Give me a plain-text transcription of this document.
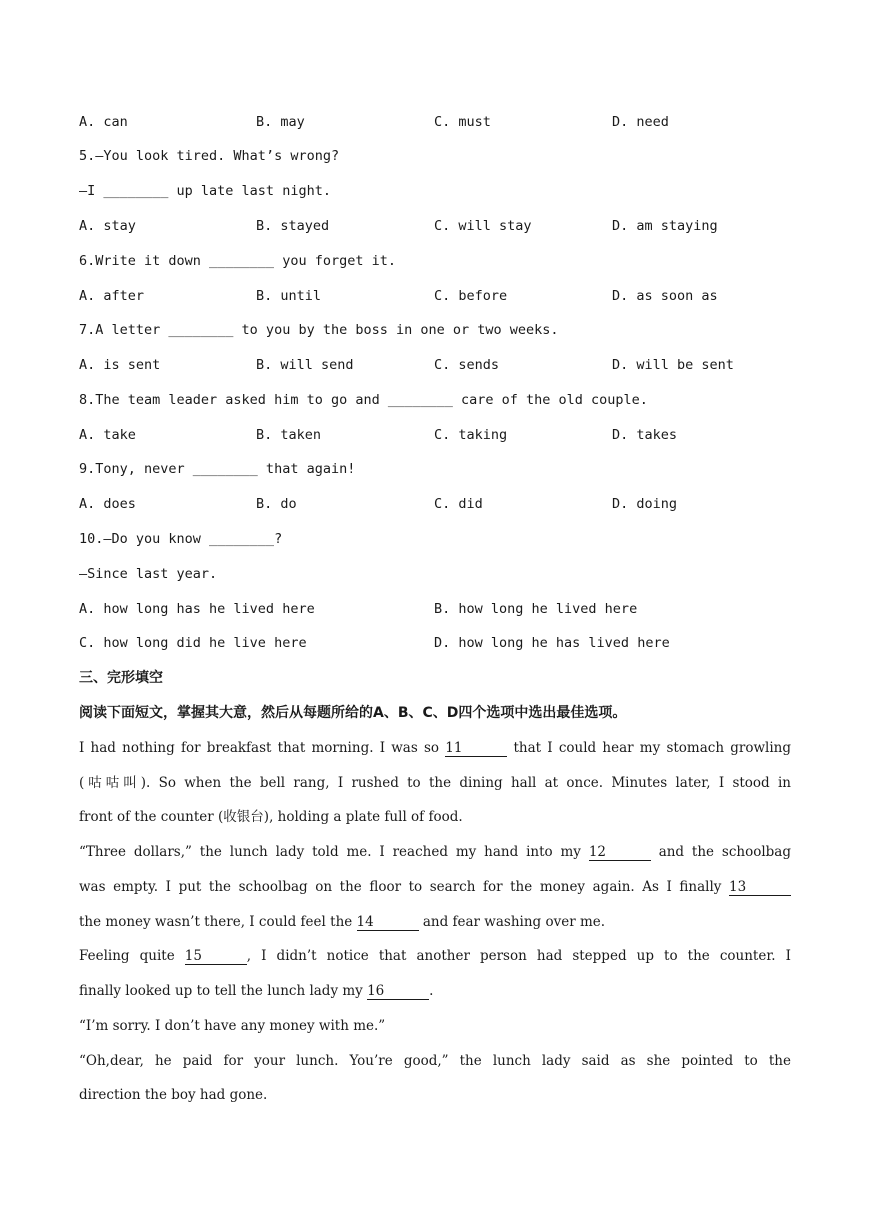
A. can	B. may	C. must	D. need
5.—You look tired. What’s wrong?
—I ________ up late last night.
A. stay	B. stayed	C. will stay	D. am staying
6.Write it down ________ you forget it.
A. after	B. until	C. before	D. as soon as
7.A letter ________ to you by the boss in one or two weeks.
A. is sent	B. will send	C. sends	D. will be sent
8.The team leader asked him to go and ________ care of the old couple.
A. take	B. taken	C. taking	D. takes
9.Tony, never ________ that again!
A. does	B. do	C. did	D. doing
10.—Do you know ________?
—Since last year.
A. how long has he lived here	B. how long he lived here
C. how long did he live here	D. how long he has lived here
三、完形填空
阅读下面短文，掌握其大意，然后从每题所给的A、B、C、D四个选项中选出最佳选项。
I had nothing for breakfast that morning. I was so 11	that I could hear my stomach growling
(咕咕叫). So when the bell rang, I rushed to the dining hall at once. Minutes later, I stood in
front of the counter (收银台), holding a plate full of food.
“Three dollars,” the lunch lady told me. I reached my hand into my 12	and the schoolbag
was empty. I put the schoolbag on the floor to search for the money again. As I finally 13
the money wasn’t there, I could feel the 14	and fear washing over me.
Feeling quite 15	, I didn’t notice that another person had stepped up to the counter. I
finally looked up to tell the lunch lady my 16	.
“I’m sorry. I don’t have any money with me.”
“Oh,dear, he paid for your lunch. You’re good,” the lunch lady said as she pointed to the
direction the boy had gone.
